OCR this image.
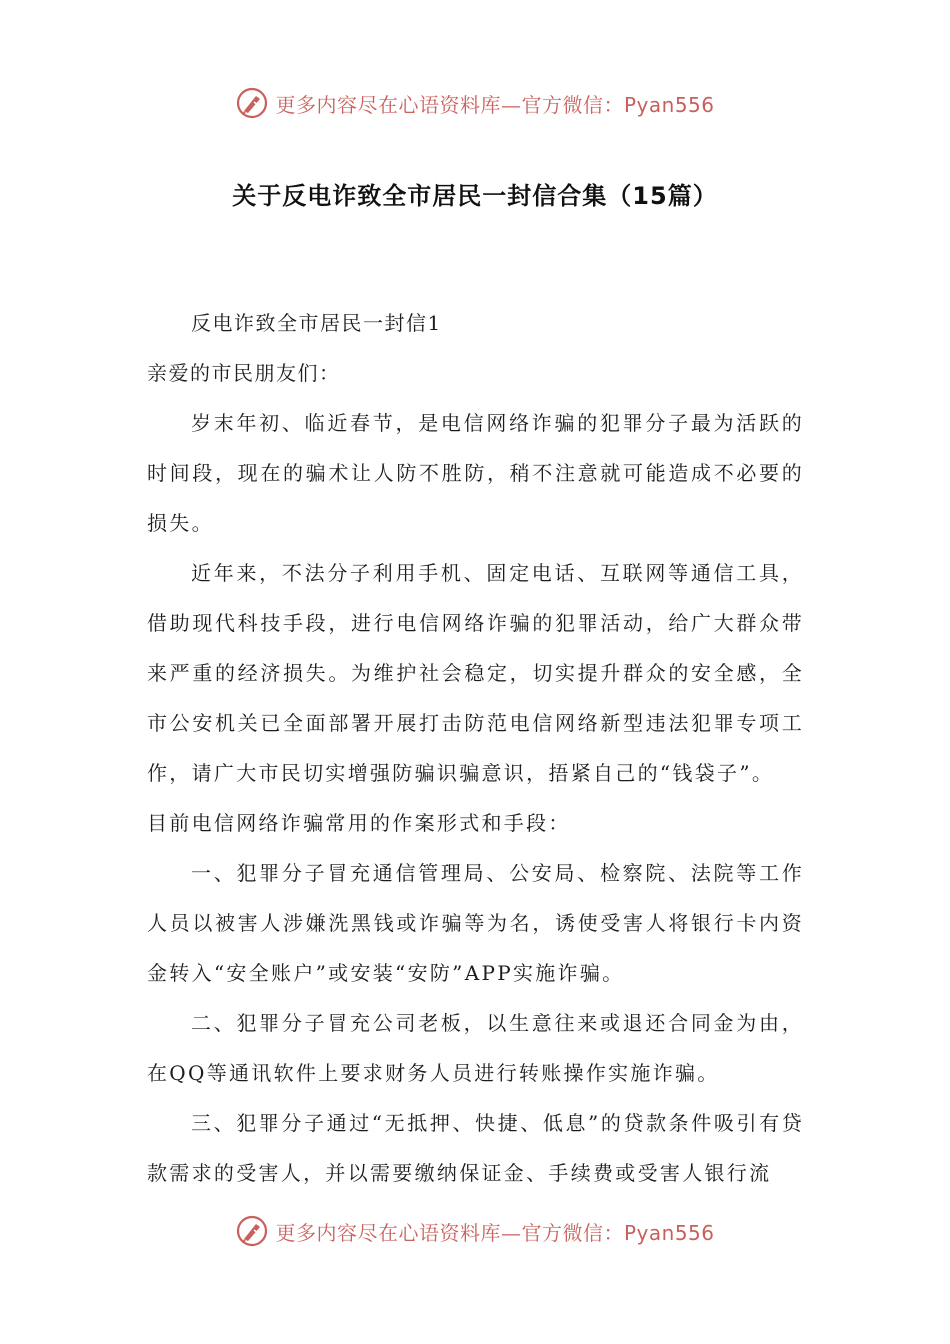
更多内容尽在心语资料库—官方微信：Pyan556
关于反电诈致全市居民一封信合集（15篇）

反电诈致全市居民一封信1

亲爱的市民朋友们：

岁末年初、临近春节，是电信网络诈骗的犯罪分子最为活跃的时间段，现在的骗术让人防不胜防，稍不注意就可能造成不必要的损失。

近年来，不法分子利用手机、固定电话、互联网等通信工具，借助现代科技手段，进行电信网络诈骗的犯罪活动，给广大群众带来严重的经济损失。为维护社会稳定，切实提升群众的安全感，全市公安机关已全面部署开展打击防范电信网络新型违法犯罪专项工作，请广大市民切实增强防骗识骗意识，捂紧自己的“钱袋子”。

目前电信网络诈骗常用的作案形式和手段：

一、犯罪分子冒充通信管理局、公安局、检察院、法院等工作人员以被害人涉嫌洗黑钱或诈骗等为名，诱使受害人将银行卡内资金转入“安全账户”或安装“安防”APP实施诈骗。

二、犯罪分子冒充公司老板，以生意往来或退还合同金为由，在QQ等通讯软件上要求财务人员进行转账操作实施诈骗。

三、犯罪分子通过“无抵押、快捷、低息”的贷款条件吸引有贷款需求的受害人，并以需要缴纳保证金、手续费或受害人银行流

更多内容尽在心语资料库—官方微信：Pyan556
